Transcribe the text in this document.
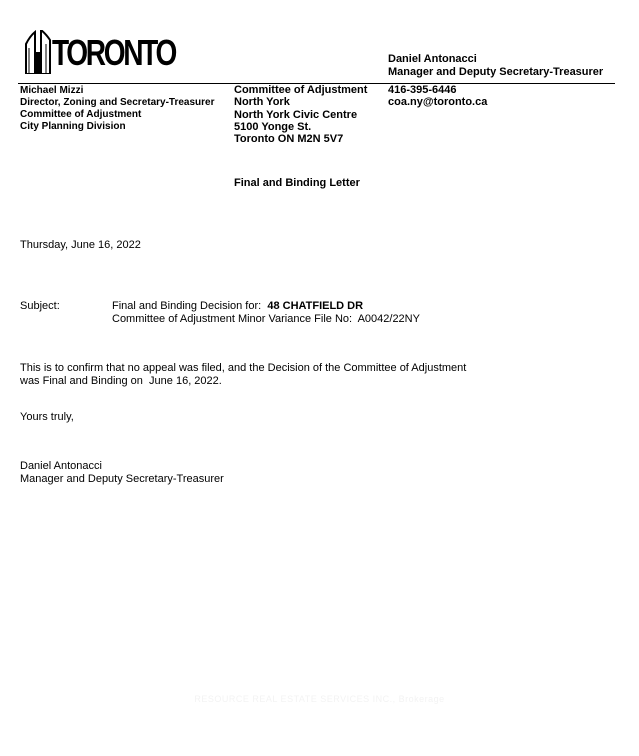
TORONTO	Daniel Antonacci
Manager and Deputy Secretary-Treasurer
Michael Mizzi
Director, Zoning and Secretary-Treasurer
Committee of Adjustment
City Planning Division
Committee of Adjustment
North York
North York Civic Centre
5100 Yonge St.
Toronto ON M2N 5V7
416-395-6446
coa.ny@toronto.ca
Final and Binding Letter
Thursday, June 16, 2022
Subject:	Final and Binding Decision for: 48 CHATFIELD DR
Committee of Adjustment Minor Variance File No: A0042/22NY
This is to confirm that no appeal was filed, and the Decision of the Committee of Adjustment
was Final and Binding on June 16, 2022.
Yours truly,
Daniel Antonacci
Manager and Deputy Secretary-Treasurer
RESOURCE REAL ESTATE SERVICES INC., Brokerage
